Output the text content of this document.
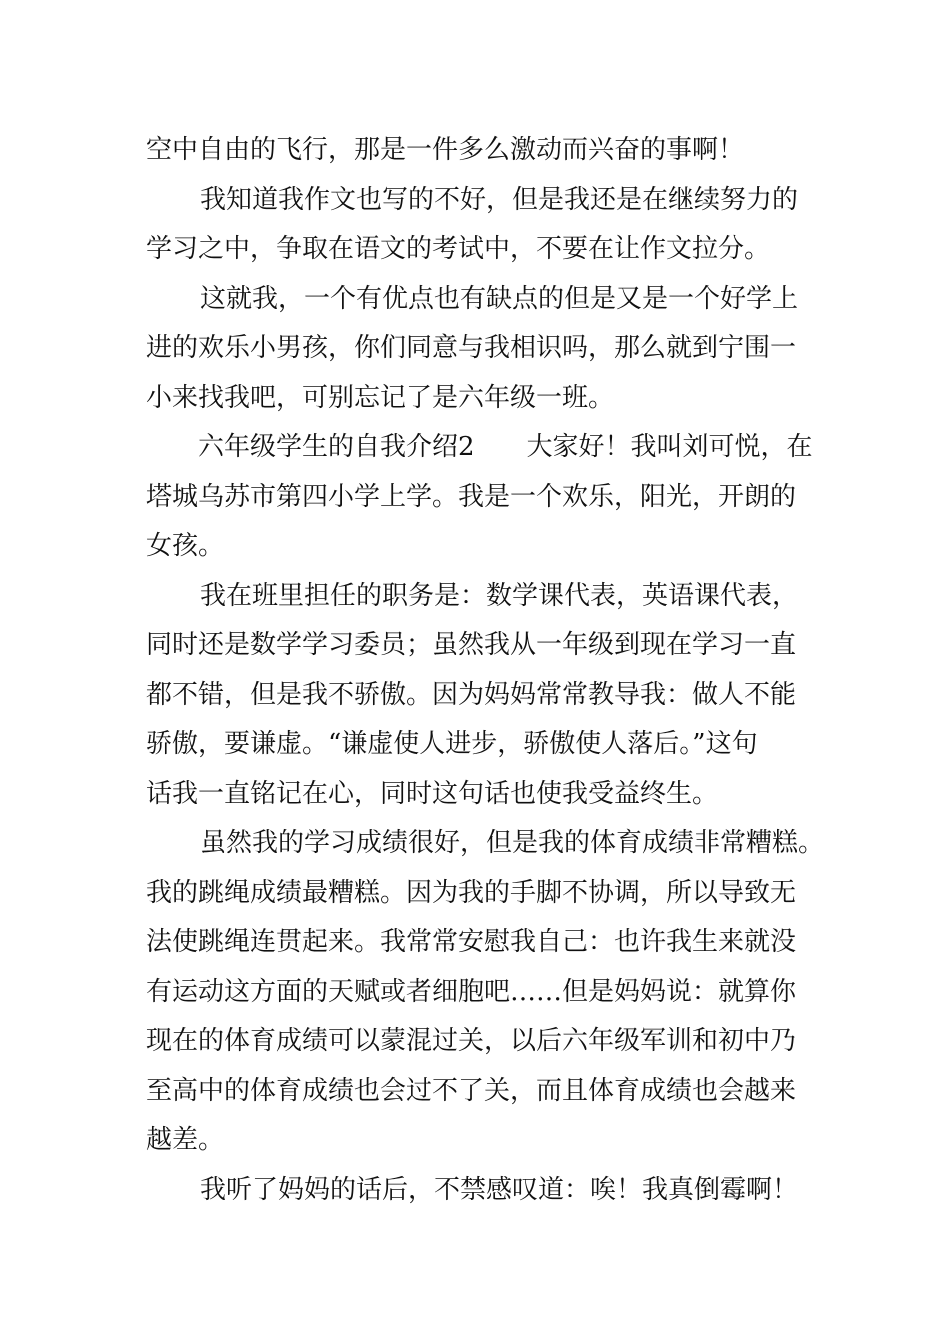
空中自由的飞行，那是一件多么激动而兴奋的事啊！
我知道我作文也写的不好，但是我还是在继续努力的
学习之中，争取在语文的考试中，不要在让作文拉分。
这就我，一个有优点也有缺点的但是又是一个好学上
进的欢乐小男孩，你们同意与我相识吗，那么就到宁围一
小来找我吧，可别忘记了是六年级一班。
六年级学生的自我介绍2 大家好！我叫刘可悦，在
塔城乌苏市第四小学上学。我是一个欢乐，阳光，开朗的
女孩。
我在班里担任的职务是：数学课代表，英语课代表，
同时还是数学学习委员；虽然我从一年级到现在学习一直
都不错，但是我不骄傲。因为妈妈常常教导我：做人不能
骄傲，要谦虚。“谦虚使人进步，骄傲使人落后。”这句
话我一直铭记在心，同时这句话也使我受益终生。
虽然我的学习成绩很好，但是我的体育成绩非常糟糕。
我的跳绳成绩最糟糕。因为我的手脚不协调，所以导致无
法使跳绳连贯起来。我常常安慰我自己：也许我生来就没
有运动这方面的天赋或者细胞吧……但是妈妈说：就算你
现在的体育成绩可以蒙混过关，以后六年级军训和初中乃
至高中的体育成绩也会过不了关，而且体育成绩也会越来
越差。
我听了妈妈的话后，不禁感叹道：唉！我真倒霉啊！
